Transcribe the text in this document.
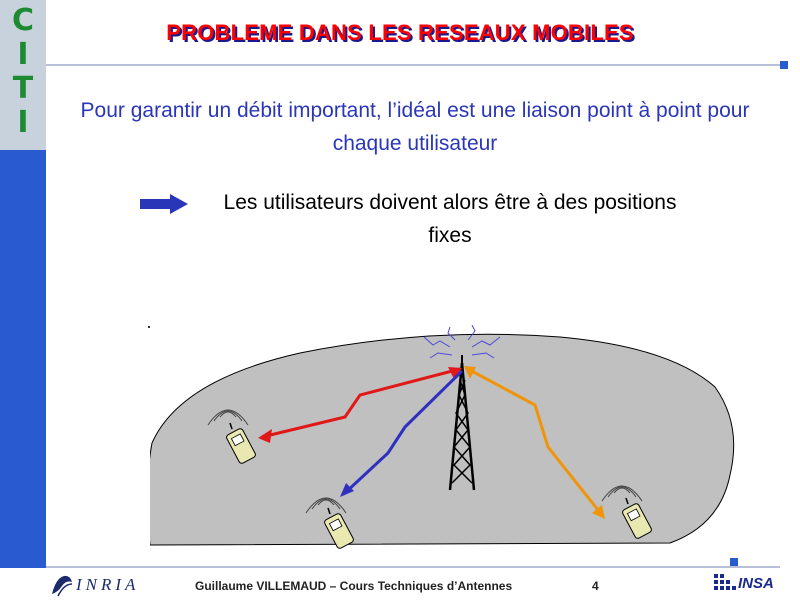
C
I
T
I
PROBLEME DANS LES RESEAUX MOBILES
Pour garantir un débit important, l’idéal est une liaison point à point pour chaque utilisateur
Les utilisateurs doivent alors être à des positions fixes
INRIA	Guillaume VILLEMAUD – Cours Techniques d’Antennes	4	INSA
